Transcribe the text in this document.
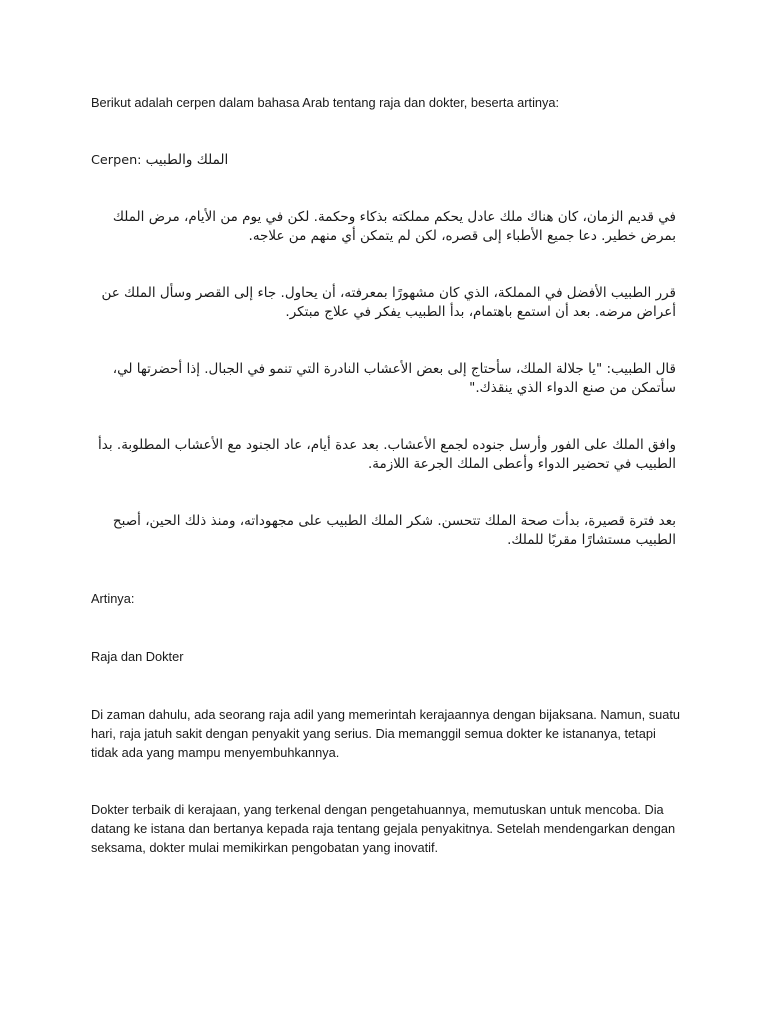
Berikut adalah cerpen dalam bahasa Arab tentang raja dan dokter, beserta artinya:
Cerpen: الملك والطبيب
في قديم الزمان، كان هناك ملك عادل يحكم مملكته بذكاء وحكمة. لكن في يوم من الأيام، مرض الملك
بمرض خطير. دعا جميع الأطباء إلى قصره، لكن لم يتمكن أي منهم من علاجه.
قرر الطبيب الأفضل في المملكة، الذي كان مشهورًا بمعرفته، أن يحاول. جاء إلى القصر وسأل الملك عن
أعراض مرضه. بعد أن استمع باهتمام، بدأ الطبيب يفكر في علاج مبتكر.
قال الطبيب: "يا جلالة الملك، سأحتاج إلى بعض الأعشاب النادرة التي تنمو في الجبال. إذا أحضرتها لي،
سأتمكن من صنع الدواء الذي ينقذك."
وافق الملك على الفور وأرسل جنوده لجمع الأعشاب. بعد عدة أيام، عاد الجنود مع الأعشاب المطلوبة. بدأ
الطبيب في تحضير الدواء وأعطى الملك الجرعة اللازمة.
بعد فترة قصيرة، بدأت صحة الملك تتحسن. شكر الملك الطبيب على مجهوداته، ومنذ ذلك الحين، أصبح
الطبيب مستشارًا مقربًا للملك.
Artinya:
Raja dan Dokter
Di zaman dahulu, ada seorang raja adil yang memerintah kerajaannya dengan bijaksana. Namun, suatu hari, raja jatuh sakit dengan penyakit yang serius. Dia memanggil semua dokter ke istananya, tetapi tidak ada yang mampu menyembuhkannya.
Dokter terbaik di kerajaan, yang terkenal dengan pengetahuannya, memutuskan untuk mencoba. Dia datang ke istana dan bertanya kepada raja tentang gejala penyakitnya. Setelah mendengarkan dengan seksama, dokter mulai memikirkan pengobatan yang inovatif.
